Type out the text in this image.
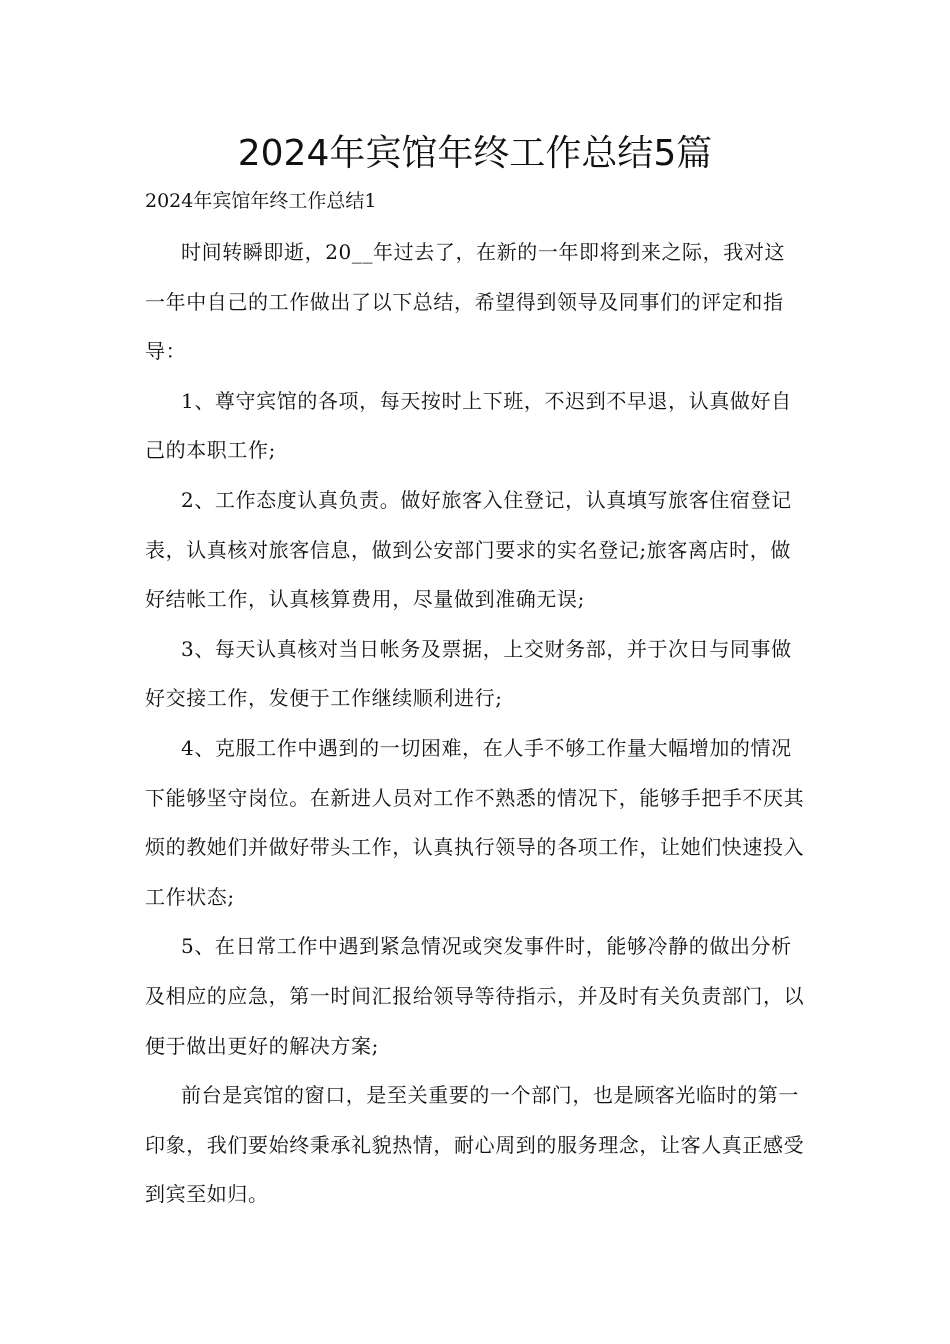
2024年宾馆年终工作总结5篇

2024年宾馆年终工作总结1

时间转瞬即逝，20__年过去了，在新的一年即将到来之际，我对这一年中自己的工作做出了以下总结，希望得到领导及同事们的评定和指导：

1、尊守宾馆的各项，每天按时上下班，不迟到不早退，认真做好自己的本职工作;

2、工作态度认真负责。做好旅客入住登记，认真填写旅客住宿登记表，认真核对旅客信息，做到公安部门要求的实名登记;旅客离店时，做好结帐工作，认真核算费用，尽量做到准确无误;

3、每天认真核对当日帐务及票据，上交财务部，并于次日与同事做好交接工作，发便于工作继续顺利进行;

4、克服工作中遇到的一切困难，在人手不够工作量大幅增加的情况下能够坚守岗位。在新进人员对工作不熟悉的情况下，能够手把手不厌其烦的教她们并做好带头工作，认真执行领导的各项工作，让她们快速投入工作状态;

5、在日常工作中遇到紧急情况或突发事件时，能够冷静的做出分析及相应的应急，第一时间汇报给领导等待指示，并及时有关负责部门，以便于做出更好的解决方案;

前台是宾馆的窗口，是至关重要的一个部门，也是顾客光临时的第一印象，我们要始终秉承礼貌热情，耐心周到的服务理念，让客人真正感受到宾至如归。
